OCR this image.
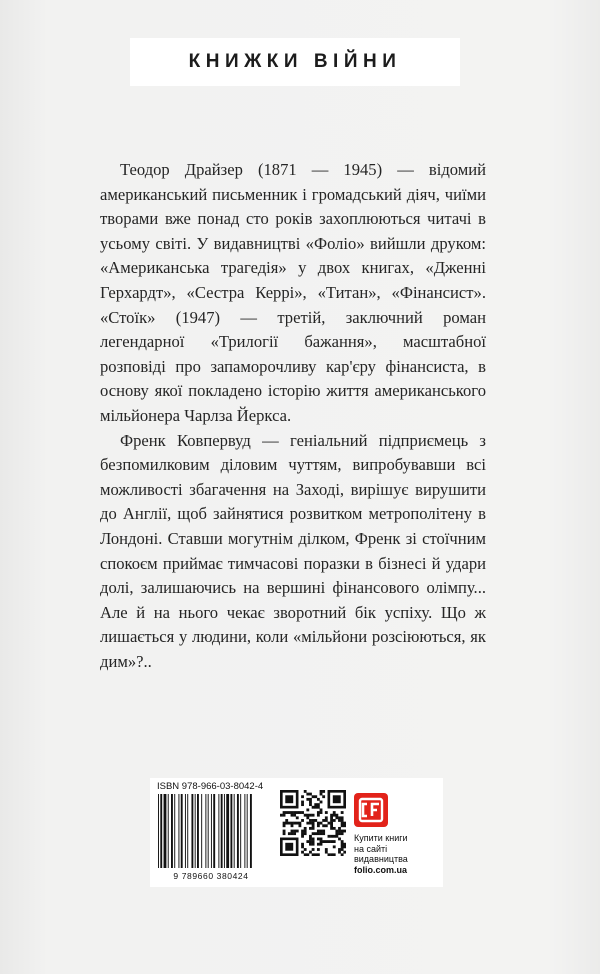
КНИЖКИ ВІЙНИ

Теодор Драйзер (1871 — 1945) — відомий американський письменник і громадський діяч, чиїми творами вже понад сто років захоплюються читачі в усьому світі. У видавництві «Фоліо» вийшли друком: «Американська трагедія» у двох книгах, «Дженні Герхардт», «Сестра Керрі», «Титан», «Фінансист». «Стоїк» (1947) — третій, заключний роман легендарної «Трилогії бажання», масштабної розповіді про запаморочливу кар'єру фінансиста, в основу якої покладено історію життя американського мільйонера Чарлза Йеркса.

Френк Ковпервуд — геніальний підприємець з безпомилковим діловим чуттям, випробувавши всі можливості збагачення на Заході, вирішує вирушити до Англії, щоб зайнятися розвитком метрополітену в Лондоні. Ставши могутнім ділком, Френк зі стоїчним спокоєм приймає тимчасові поразки в бізнесі й удари долі, залишаючись на вершині фінансового олімпу... Але й на нього чекає зворотний бік успіху. Що ж лишається у людини, коли «мільйони розсіюються, як дим»?..

ISBN 978-966-03-8042-4
9 789660 380424
Купити книги
на сайті
видавництва
folio.com.ua
